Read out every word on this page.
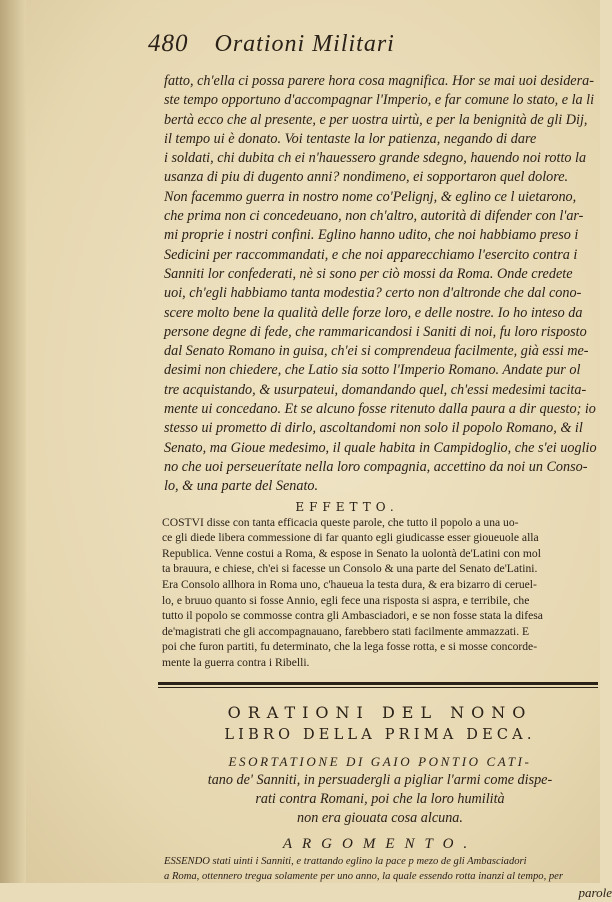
480 Orationi Militari
fatto, ch'ella ci possa parere hora cosa magnifica. Hor se mai uoi desidera-
ste tempo opportuno d'accompagnar l'Imperio, e far comune lo stato, e la li
bertà ecco che al presente, e per uostra uirtù, e per la benignità de gli Dij,
il tempo ui è donato. Voi tentaste la lor patienza, negando di dare
i soldati, chi dubita ch ei n'hauessero grande sdegno, hauendo noi rotto la
usanza di piu di dugento anni? nondimeno, ei sopportaron quel dolore.
Non facemmo guerra in nostro nome co'Pelignj, & eglino ce l uietarono,
che prima non ci concedeuano, non ch'altro, autorità di difender con l'ar-
mi proprie i nostri confini. Eglino hanno udito, che noi habbiamo preso i
Sedicini per raccommandati, e che noi apparecchiamo l'esercito contra i
Sanniti lor confederati, nè si sono per ciò mossi da Roma. Onde credete
uoi, ch'egli habbiamo tanta modestia? certo non d'altronde che dal cono-
scere molto bene la qualità delle forze loro, e delle nostre. Io ho inteso da
persone degne di fede, che rammaricandosi i Saniti di noi, fu loro risposto
dal Senato Romano in guisa, ch'ei si comprendeua facilmente, già essi me-
desimi non chiedere, che Latio sia sotto l'Imperio Romano. Andate pur ol
tre acquistando, & usurpateui, domandando quel, ch'essi medesimi tacita-
mente ui concedano. Et se alcuno fosse ritenuto dalla paura a dir questo; io
stesso ui prometto di dirlo, ascoltandomi non solo il popolo Romano, & il
Senato, ma Gioue medesimo, il quale habita in Campidoglio, che s'ei uoglio
no che uoi perseuerítate nella loro compagnia, accettino da noi un Conso-
lo, & una parte del Senato.
EFFETTO.
COSTVI disse con tanta efficacia queste parole, che tutto il popolo a una uo-
ce gli diede libera commessione di far quanto egli giudicasse esser gioueuole alla
Republica. Venne costui a Roma, & espose in Senato la uolontà de'Latini con mol
ta brauura, e chiese, ch'ei si facesse un Consolo & una parte del Senato de'Latini.
Era Consolo allhora in Roma uno, c'haueua la testa dura, & era bizarro di ceruel-
lo, e bruuo quanto si fosse Annio, egli fece una risposta si aspra, e terribile, che
tutto il popolo se commosse contra gli Ambasciadori, e se non fosse stata la difesa
de'magistrati che gli accompagnauano, farebbero stati facilmente ammazzati. E
poi che furon partiti, fu determinato, che la lega fosse rotta, e si mosse concorde-
mente la guerra contra i Ribelli.
ORATIONI DEL NONO
LIBRO DELLA PRIMA DECA.
ESORTATIONE DI GAIO PONTIO CATI-
tano de' Sanniti, in persuadergli a pigliar l'armi come dispe-
rati contra Romani, poi che la loro humilità
non era giouata cosa alcuna.
ARGOMENTO.
ESSENDO stati uinti i Sanniti, e trattando eglino la pace p mezo de gli Ambasciadori
a Roma, ottennero tregua solamente per uno anno, la quale essendo rotta inanzi al tempo, per
parole
